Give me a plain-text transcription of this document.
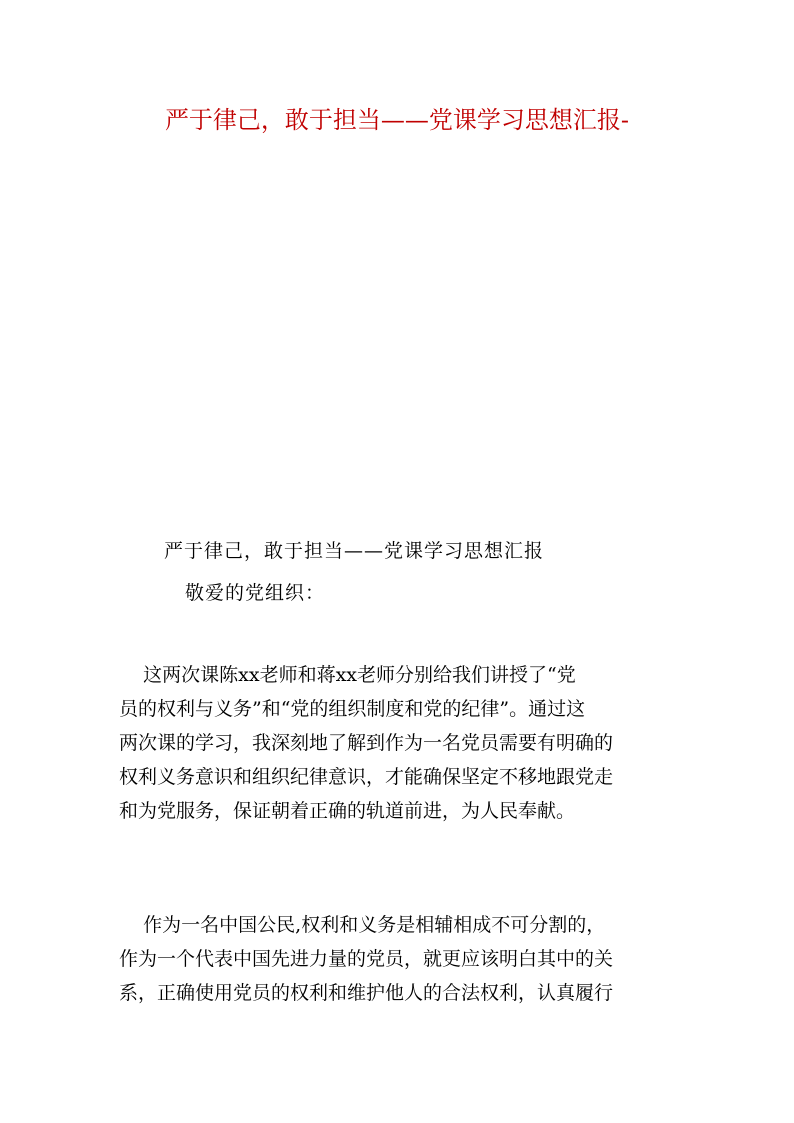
严于律己，敢于担当——党课学习思想汇报-
严于律己，敢于担当——党课学习思想汇报
敬爱的党组织：
这两次课陈xx老师和蒋xx老师分别给我们讲授了“党
员的权利与义务”和“党的组织制度和党的纪律”。通过这
两次课的学习，我深刻地了解到作为一名党员需要有明确的
权利义务意识和组织纪律意识，才能确保坚定不移地跟党走
和为党服务，保证朝着正确的轨道前进，为人民奉献。
作为一名中国公民,权利和义务是相辅相成不可分割的，
作为一个代表中国先进力量的党员，就更应该明白其中的关
系，正确使用党员的权利和维护他人的合法权利，认真履行
